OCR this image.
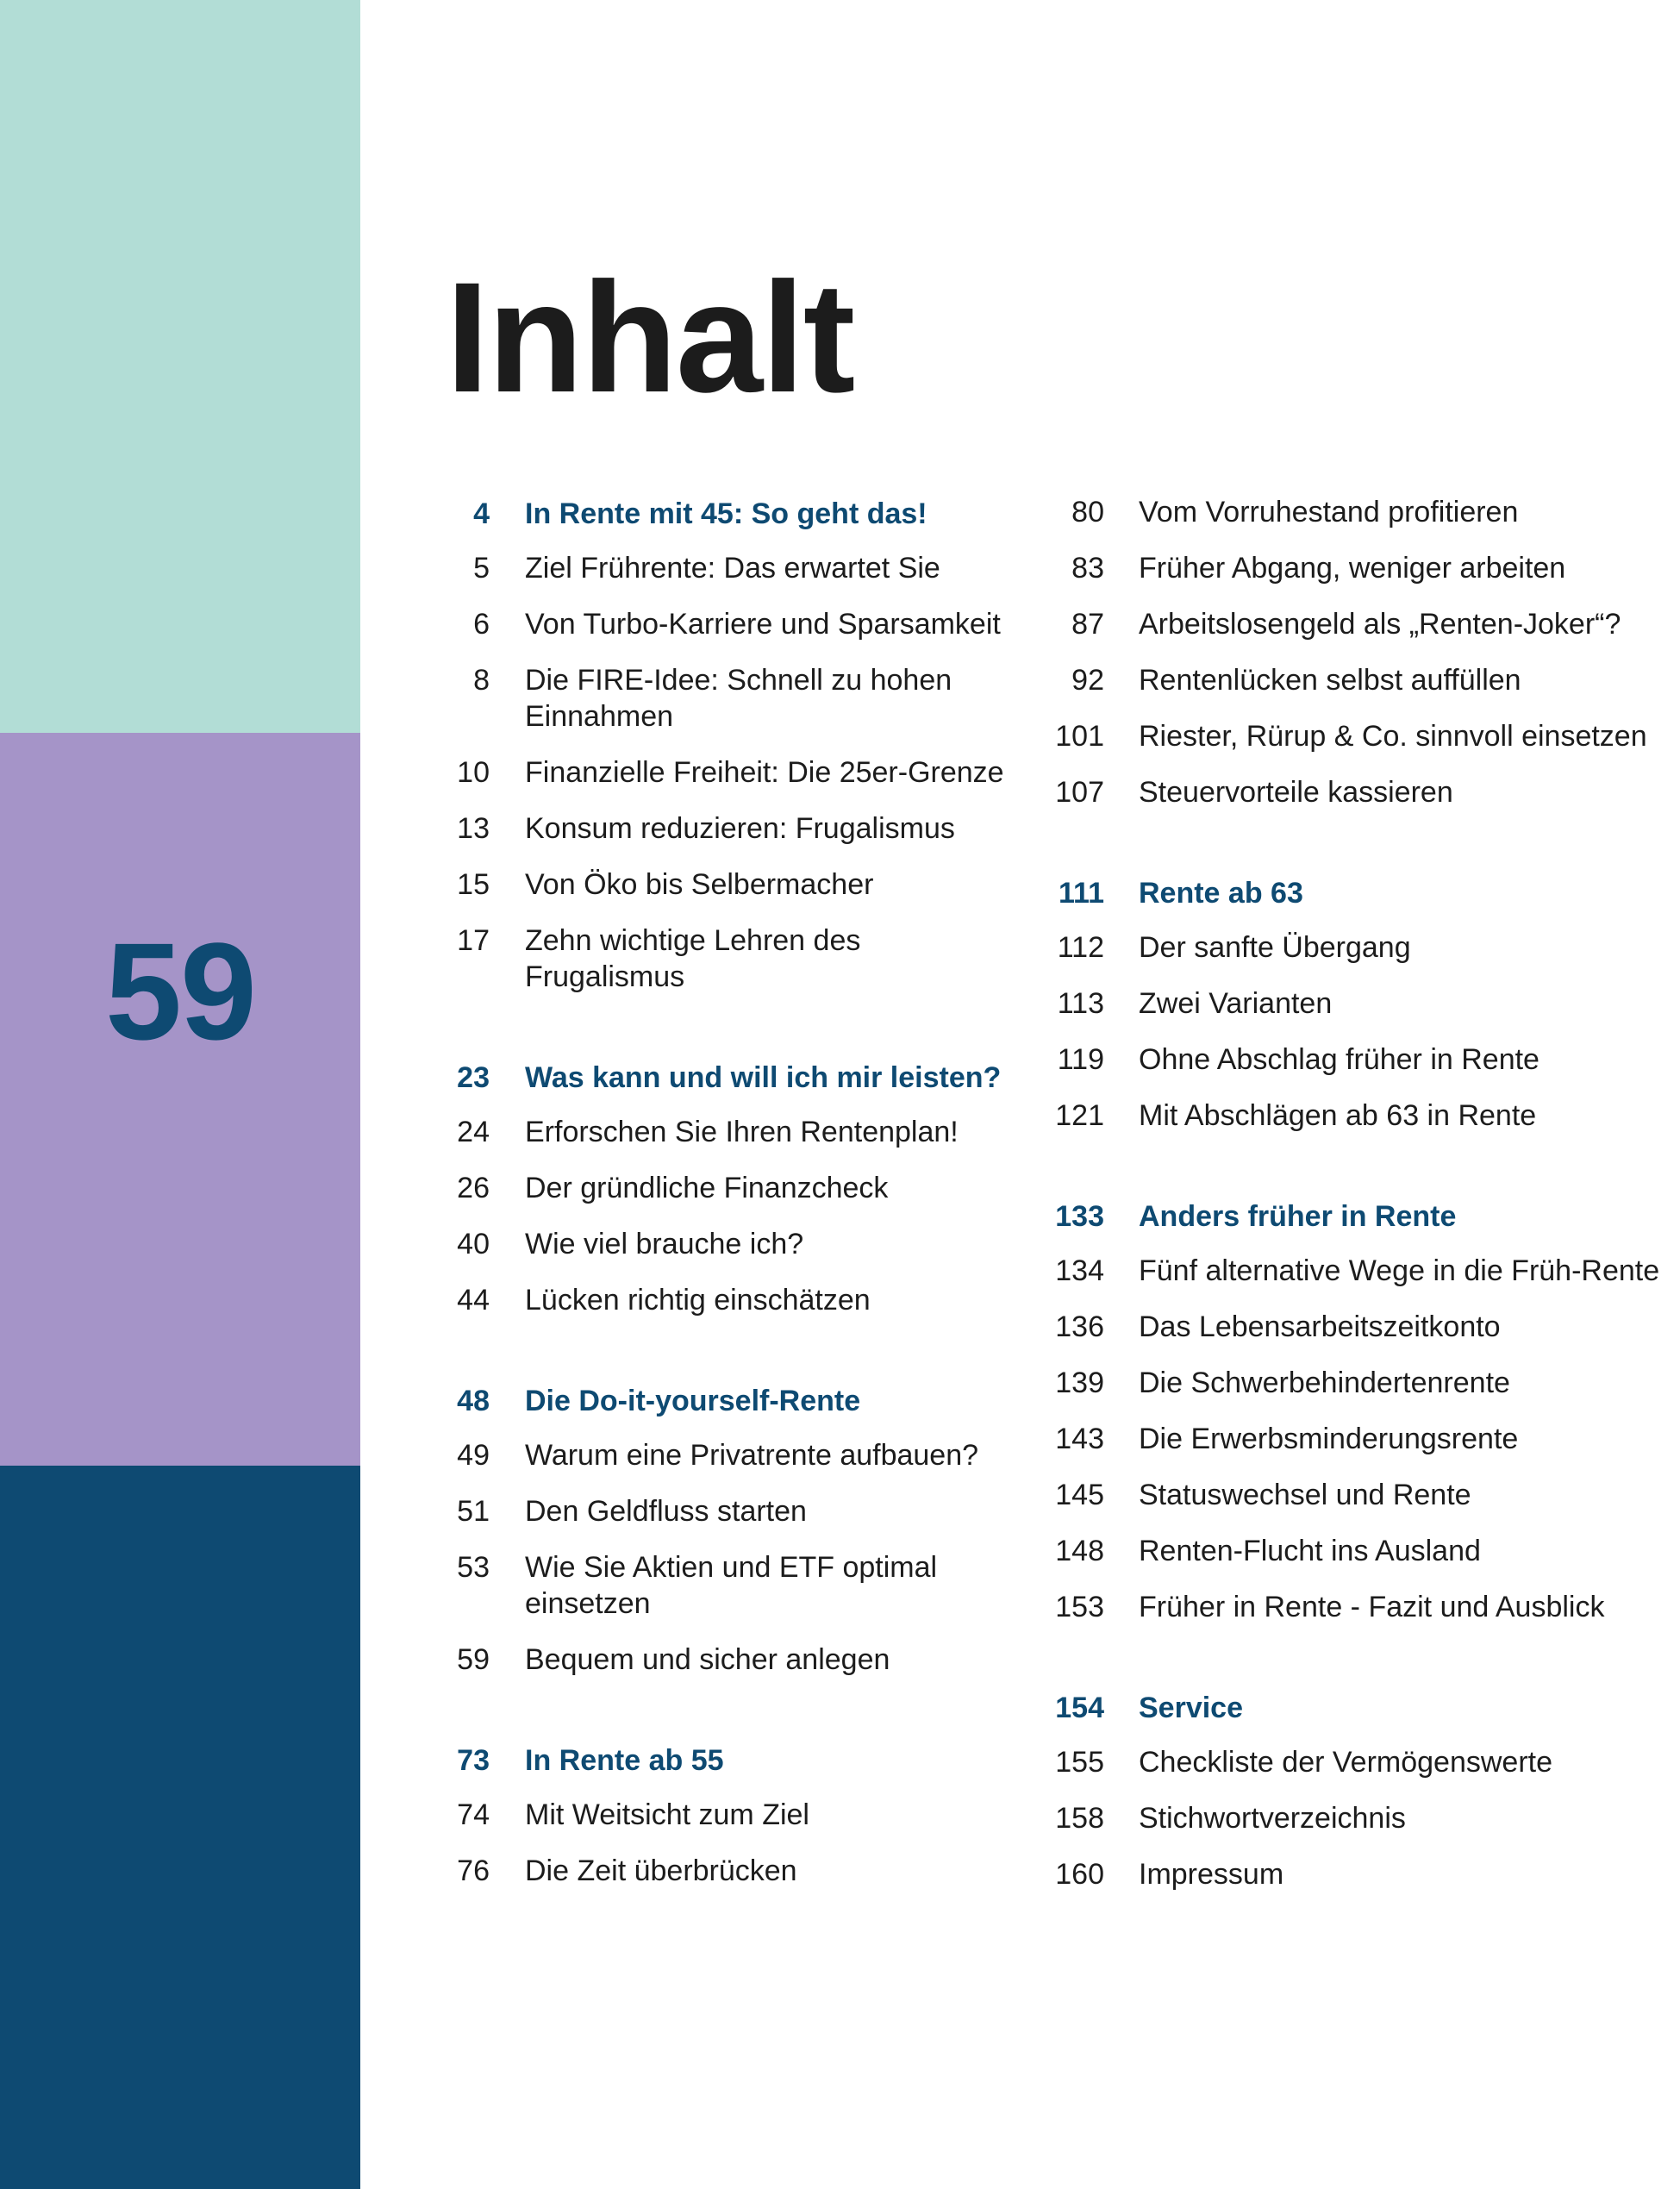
59
Inhalt
4	In Rente mit 45: So geht das!
5	Ziel Frührente: Das erwartet Sie
6	Von Turbo-Karriere und Sparsamkeit
8	Die FIRE-Idee: Schnell zu hohen Einnahmen
10	Finanzielle Freiheit: Die 25er-Grenze
13	Konsum reduzieren: Frugalismus
15	Von Öko bis Selbermacher
17	Zehn wichtige Lehren des Frugalismus
23	Was kann und will ich mir leisten?
24	Erforschen Sie Ihren Rentenplan!
26	Der gründliche Finanzcheck
40	Wie viel brauche ich?
44	Lücken richtig einschätzen
48	Die Do-it-yourself-Rente
49	Warum eine Privatrente aufbauen?
51	Den Geldfluss starten
53	Wie Sie Aktien und ETF optimal einsetzen
59	Bequem und sicher anlegen
73	In Rente ab 55
74	Mit Weitsicht zum Ziel
76	Die Zeit überbrücken
80	Vom Vorruhestand profitieren
83	Früher Abgang, weniger arbeiten
87	Arbeitslosengeld als „Renten-Joker“?
92	Rentenlücken selbst auffüllen
101	Riester, Rürup & Co. sinnvoll einsetzen
107	Steuervorteile kassieren
111	Rente ab 63
112	Der sanfte Übergang
113	Zwei Varianten
119	Ohne Abschlag früher in Rente
121	Mit Abschlägen ab 63 in Rente
133	Anders früher in Rente
134	Fünf alternative Wege in die Früh-Rente
136	Das Lebensarbeitszeitkonto
139	Die Schwerbehindertenrente
143	Die Erwerbsminderungsrente
145	Statuswechsel und Rente
148	Renten-Flucht ins Ausland
153	Früher in Rente - Fazit und Ausblick
154	Service
155	Checkliste der Vermögenswerte
158	Stichwortverzeichnis
160	Impressum
